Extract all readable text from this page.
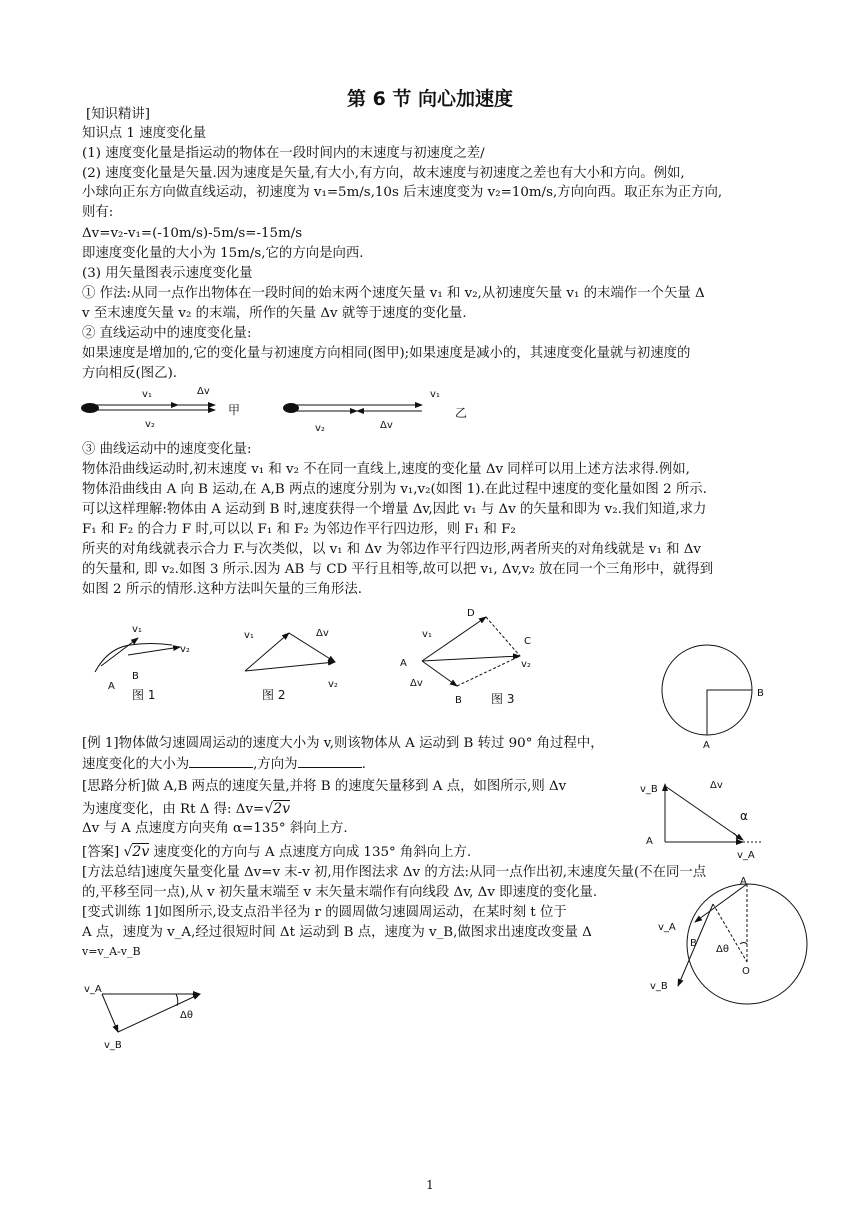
第 6 节 向心加速度
[知识精讲]
知识点 1 速度变化量
(1) 速度变化量是指运动的物体在一段时间内的末速度与初速度之差/
(2) 速度变化量是矢量.因为速度是矢量,有大小,有方向，故末速度与初速度之差也有大小和方向。例如,
小球向正东方向做直线运动，初速度为 v₁=5m/s,10s 后末速度变为 v₂=10m/s,方向向西。取正东为正方向,
则有:
Δv=v₂-v₁=(-10m/s)-5m/s=-15m/s
即速度变化量的大小为 15m/s,它的方向是向西.
(3) 用矢量图表示速度变化量
① 作法:从同一点作出物体在一段时间的始末两个速度矢量 v₁ 和 v₂,从初速度矢量 v₁ 的末端作一个矢量 Δ
v 至末速度矢量 v₂ 的末端，所作的矢量 Δv 就等于速度的变化量.
② 直线运动中的速度变化量:
如果速度是增加的,它的变化量与初速度方向相同(图甲);如果速度是减小的，其速度变化量就与初速度的
方向相反(图乙).
v₁	Δv
v₂
甲
v₁
v₂	Δv
乙
③ 曲线运动中的速度变化量:
物体沿曲线运动时,初末速度 v₁ 和 v₂ 不在同一直线上,速度的变化量 Δv 同样可以用上述方法求得.例如,
物体沿曲线由 A 向 B 运动,在 A,B 两点的速度分别为 v₁,v₂(如图 1).在此过程中速度的变化量如图 2 所示.
可以这样理解:物体由 A 运动到 B 时,速度获得一个增量 Δv,因此 v₁ 与 Δv 的矢量和即为 v₂.我们知道,求力
F₁ 和 F₂ 的合力 F 时,可以以 F₁ 和 F₂ 为邻边作平行四边形，则 F₁ 和 F₂
所夹的对角线就表示合力 F.与次类似，以 v₁ 和 Δv 为邻边作平行四边形,两者所夹的对角线就是 v₁ 和 Δv
的矢量和, 即 v₂.如图 3 所示.因为 AB 与 CD 平行且相等,故可以把 v₁, Δv,v₂ 放在同一个三角形中，就得到
如图 2 所示的情形.这种方法叫矢量的三角形法.
v₁
v₂
A
B
图 1
v₁	Δv
v₂
图 2
D
C
v₁
v₂
A
Δv
B 图 3	B
A
[例 1]物体做匀速圆周运动的速度大小为 v,则该物体从 A 运动到 B 转过 90° 角过程中，
速度变化的大小为	,方向为	.
[思路分析]做 A,B 两点的速度矢量,并将 B 的速度矢量移到 A 点，如图所示,则 Δv
为速度变化，由 Rt Δ 得: Δv=√2v
Δv 与 A 点速度方向夹角 α=135° 斜向上方.
[答案] √2v 速度变化的方向与 A 点速度方向成 135° 角斜向上方.
v_B	Δv
α
A
v_A
[方法总结]速度矢量变化量 Δv=v 末-v 初,用作图法求 Δv 的方法:从同一点作出初,末速度矢量(不在同一点
的,平移至同一点),从 v 初矢量末端至 v 末矢量末端作有向线段 Δv, Δv 即速度的变化量.
[变式训练 1]如图所示,设支点沿半径为 r 的圆周做匀速圆周运动，在某时刻 t 位于
A 点，速度为 v_A,经过很短时间 Δt 运动到 B 点，速度为 v_B,做图求出速度改变量 Δ
v=v_A-v_B
A
v_A
B
Δθ
O
v_B
v_A
Δθ
v_B
1
